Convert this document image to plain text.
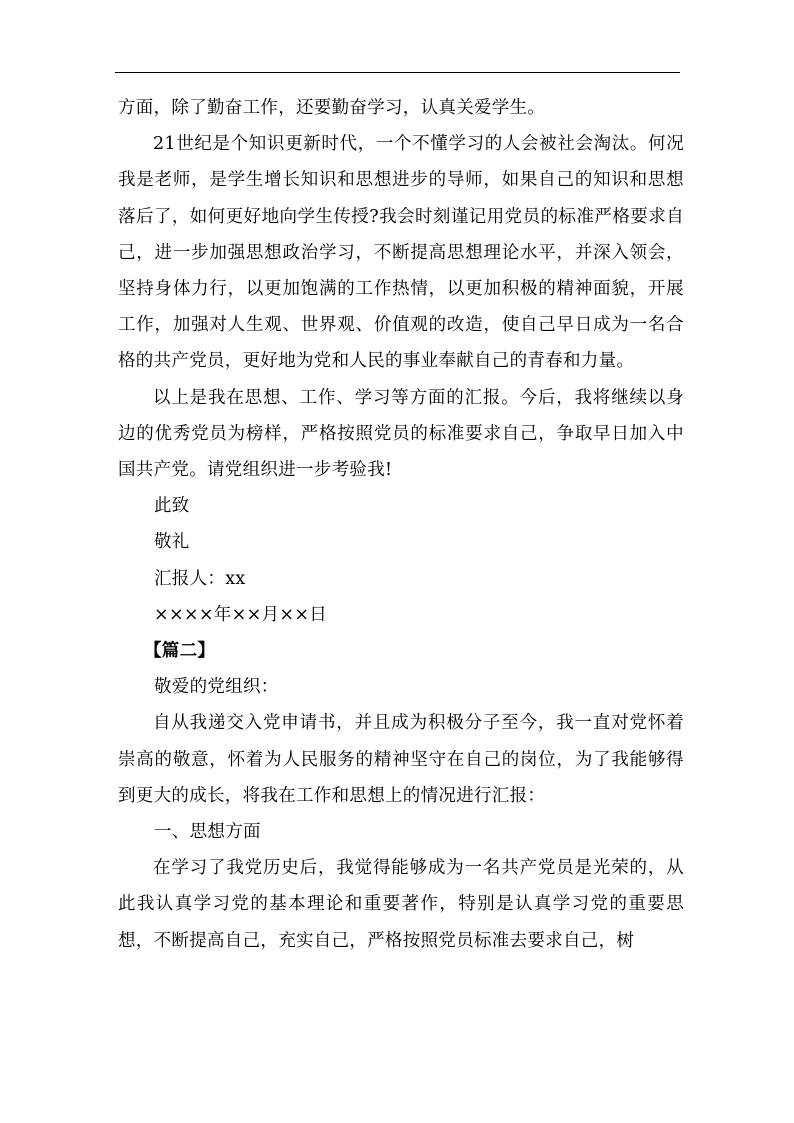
方面，除了勤奋工作，还要勤奋学习，认真关爱学生。

21世纪是个知识更新时代，一个不懂学习的人会被社会淘汰。何况我是老师，是学生增长知识和思想进步的导师，如果自己的知识和思想落后了，如何更好地向学生传授?我会时刻谨记用党员的标准严格要求自己，进一步加强思想政治学习，不断提高思想理论水平，并深入领会，坚持身体力行，以更加饱满的工作热情，以更加积极的精神面貌，开展工作，加强对人生观、世界观、价值观的改造，使自己早日成为一名合格的共产党员，更好地为党和人民的事业奉献自己的青春和力量。

以上是我在思想、工作、学习等方面的汇报。今后，我将继续以身边的优秀党员为榜样，严格按照党员的标准要求自己，争取早日加入中国共产党。请党组织进一步考验我!

此致

敬礼

汇报人：xx

××××年××月××日

【篇二】

敬爱的党组织：

自从我递交入党申请书，并且成为积极分子至今，我一直对党怀着崇高的敬意，怀着为人民服务的精神坚守在自己的岗位，为了我能够得到更大的成长，将我在工作和思想上的情况进行汇报：

一、思想方面

在学习了我党历史后，我觉得能够成为一名共产党员是光荣的，从此我认真学习党的基本理论和重要著作，特别是认真学习党的重要思想，不断提高自己，充实自己，严格按照党员标准去要求自己，树
